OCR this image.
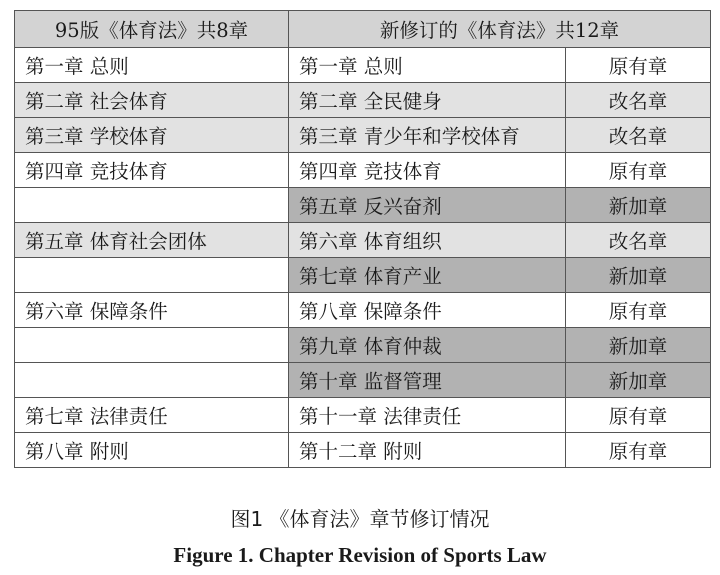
95版《体育法》共8章	新修订的《体育法》共12章	
第一章 总则	第一章 总则	原有章
第二章 社会体育	第二章 全民健身	改名章
第三章 学校体育	第三章 青少年和学校体育	改名章
第四章 竞技体育	第四章 竞技体育	原有章
	第五章 反兴奋剂	新加章
第五章 体育社会团体	第六章 体育组织	改名章
	第七章 体育产业	新加章
第六章 保障条件	第八章 保障条件	原有章
	第九章 体育仲裁	新加章
	第十章 监督管理	新加章
第七章 法律责任	第十一章 法律责任	原有章
第八章 附则	第十二章 附则	原有章
图1 《体育法》章节修订情况
Figure 1. Chapter Revision of Sports Law
